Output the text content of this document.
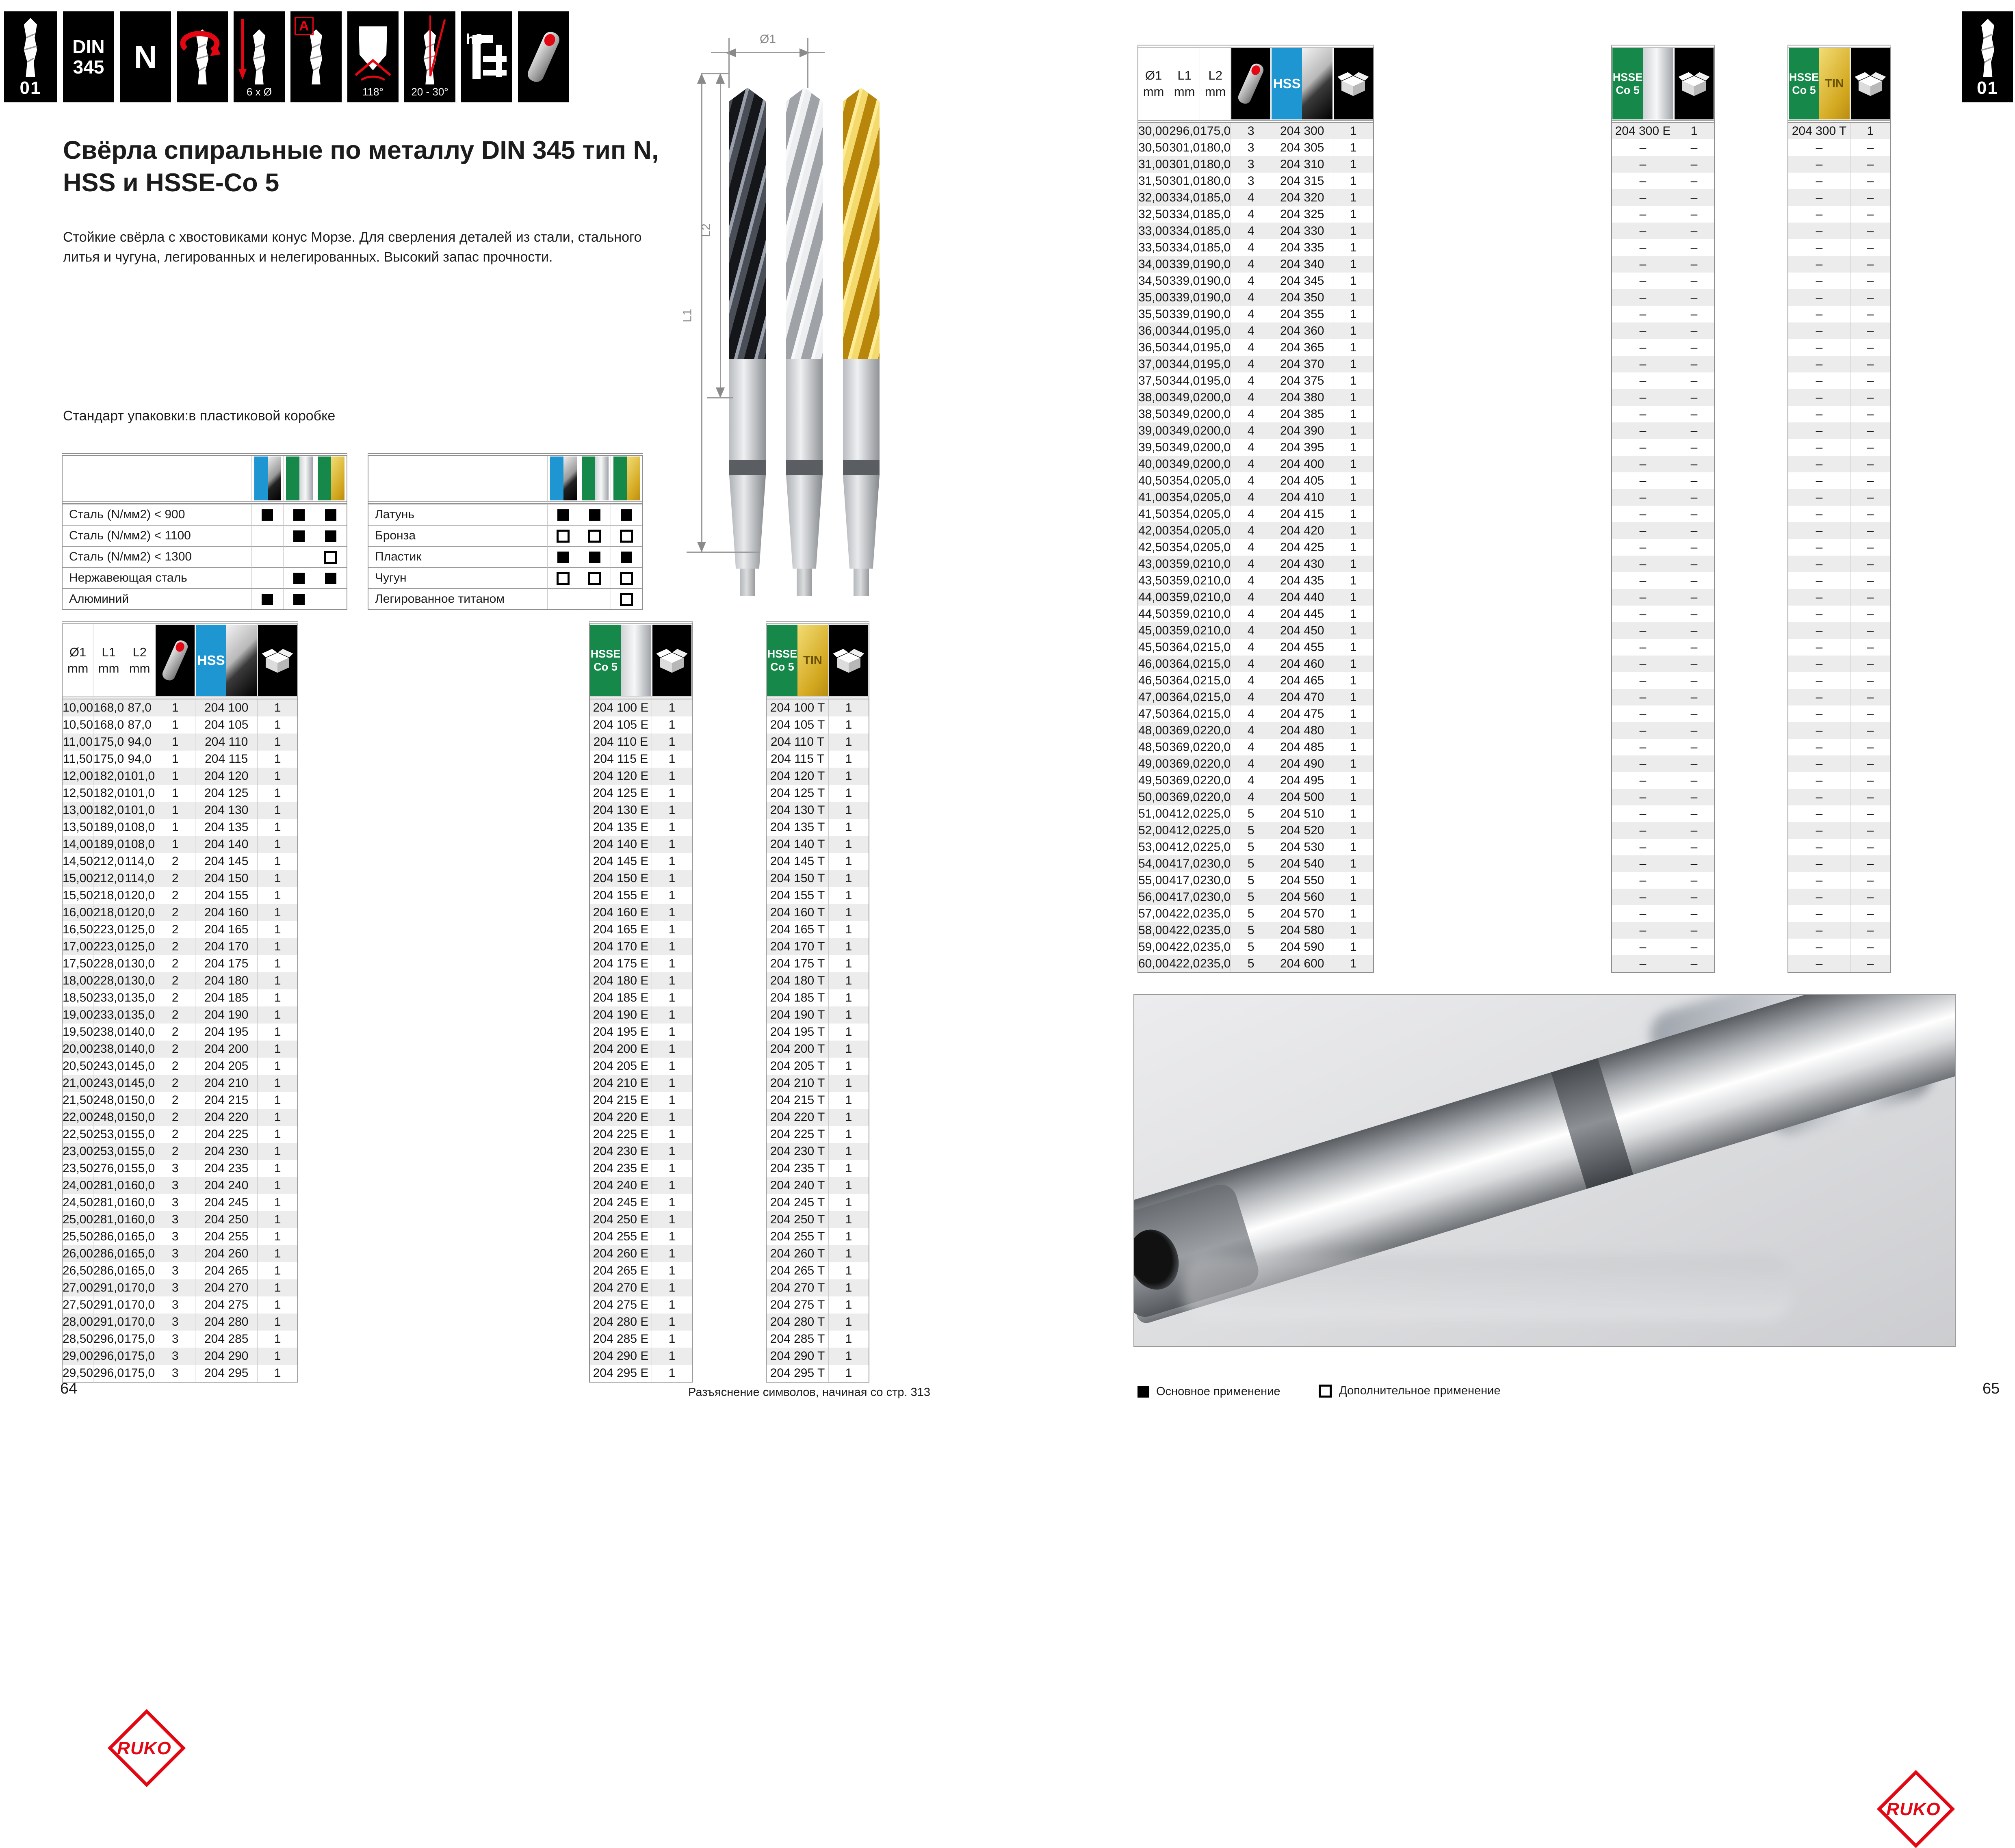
01
DIN
345 N
6 x Ø
A
118°	20 - 30°
h8
Свёрла спиральные по металлу DIN 345 тип N,
HSS и HSSE-Co 5
Стойкие свёрла с хвостовиками конус Морзе. Для сверления деталей из стали, стального литья и чугуна, легированных и нелегированных. Высокий запас прочности.
Стандарт упаковки:в пластиковой коробке

Сталь (N/мм2) < 900			
Сталь (N/мм2) < 1100			
Сталь (N/мм2) < 1300			
Нержавеющая сталь			
Алюминий			

Латунь			
Бронза			
Пластик			
Чугун			
Легированное титаном			
Ø1
L1
L2
Ø1
mm

L1
mm

L2
mm

HSS

10,00	168,0	87,0	1	204 100	1
10,50	168,0	87,0	1	204 105	1
11,00	175,0	94,0	1	204 110	1
11,50	175,0	94,0	1	204 115	1
12,00	182,0	101,0	1	204 120	1
12,50	182,0	101,0	1	204 125	1
13,00	182,0	101,0	1	204 130	1
13,50	189,0	108,0	1	204 135	1
14,00	189,0	108,0	1	204 140	1
14,50	212,0	114,0	2	204 145	1
15,00	212,0	114,0	2	204 150	1
15,50	218,0	120,0	2	204 155	1
16,00	218,0	120,0	2	204 160	1
16,50	223,0	125,0	2	204 165	1
17,00	223,0	125,0	2	204 170	1
17,50	228,0	130,0	2	204 175	1
18,00	228,0	130,0	2	204 180	1
18,50	233,0	135,0	2	204 185	1
19,00	233,0	135,0	2	204 190	1
19,50	238,0	140,0	2	204 195	1
20,00	238,0	140,0	2	204 200	1
20,50	243,0	145,0	2	204 205	1
21,00	243,0	145,0	2	204 210	1
21,50	248,0	150,0	2	204 215	1
22,00	248,0	150,0	2	204 220	1
22,50	253,0	155,0	2	204 225	1
23,00	253,0	155,0	2	204 230	1
23,50	276,0	155,0	3	204 235	1
24,00	281,0	160,0	3	204 240	1
24,50	281,0	160,0	3	204 245	1
25,00	281,0	160,0	3	204 250	1
25,50	286,0	165,0	3	204 255	1
26,00	286,0	165,0	3	204 260	1
26,50	286,0	165,0	3	204 265	1
27,00	291,0	170,0	3	204 270	1
27,50	291,0	170,0	3	204 275	1
28,00	291,0	170,0	3	204 280	1
28,50	296,0	175,0	3	204 285	1
29,00	296,0	175,0	3	204 290	1
29,50	296,0	175,0	3	204 295	1
HSSE
Co 5

204 100 E	1
204 105 E	1
204 110 E	1
204 115 E	1
204 120 E	1
204 125 E	1
204 130 E	1
204 135 E	1
204 140 E	1
204 145 E	1
204 150 E	1
204 155 E	1
204 160 E	1
204 165 E	1
204 170 E	1
204 175 E	1
204 180 E	1
204 185 E	1
204 190 E	1
204 195 E	1
204 200 E	1
204 205 E	1
204 210 E	1
204 215 E	1
204 220 E	1
204 225 E	1
204 230 E	1
204 235 E	1
204 240 E	1
204 245 E	1
204 250 E	1
204 255 E	1
204 260 E	1
204 265 E	1
204 270 E	1
204 275 E	1
204 280 E	1
204 285 E	1
204 290 E	1
204 295 E	1
HSSE
Co 5
TIN

204 100 T	1
204 105 T	1
204 110 T	1
204 115 T	1
204 120 T	1
204 125 T	1
204 130 T	1
204 135 T	1
204 140 T	1
204 145 T	1
204 150 T	1
204 155 T	1
204 160 T	1
204 165 T	1
204 170 T	1
204 175 T	1
204 180 T	1
204 185 T	1
204 190 T	1
204 195 T	1
204 200 T	1
204 205 T	1
204 210 T	1
204 215 T	1
204 220 T	1
204 225 T	1
204 230 T	1
204 235 T	1
204 240 T	1
204 245 T	1
204 250 T	1
204 255 T	1
204 260 T	1
204 265 T	1
204 270 T	1
204 275 T	1
204 280 T	1
204 285 T	1
204 290 T	1
204 295 T	1
Ø1
mm

L1
mm

L2
mm

HSS

30,00	296,0	175,0	3	204 300	1
30,50	301,0	180,0	3	204 305	1
31,00	301,0	180,0	3	204 310	1
31,50	301,0	180,0	3	204 315	1
32,00	334,0	185,0	4	204 320	1
32,50	334,0	185,0	4	204 325	1
33,00	334,0	185,0	4	204 330	1
33,50	334,0	185,0	4	204 335	1
34,00	339,0	190,0	4	204 340	1
34,50	339,0	190,0	4	204 345	1
35,00	339,0	190,0	4	204 350	1
35,50	339,0	190,0	4	204 355	1
36,00	344,0	195,0	4	204 360	1
36,50	344,0	195,0	4	204 365	1
37,00	344,0	195,0	4	204 370	1
37,50	344,0	195,0	4	204 375	1
38,00	349,0	200,0	4	204 380	1
38,50	349,0	200,0	4	204 385	1
39,00	349,0	200,0	4	204 390	1
39,50	349,0	200,0	4	204 395	1
40,00	349,0	200,0	4	204 400	1
40,50	354,0	205,0	4	204 405	1
41,00	354,0	205,0	4	204 410	1
41,50	354,0	205,0	4	204 415	1
42,00	354,0	205,0	4	204 420	1
42,50	354,0	205,0	4	204 425	1
43,00	359,0	210,0	4	204 430	1
43,50	359,0	210,0	4	204 435	1
44,00	359,0	210,0	4	204 440	1
44,50	359,0	210,0	4	204 445	1
45,00	359,0	210,0	4	204 450	1
45,50	364,0	215,0	4	204 455	1
46,00	364,0	215,0	4	204 460	1
46,50	364,0	215,0	4	204 465	1
47,00	364,0	215,0	4	204 470	1
47,50	364,0	215,0	4	204 475	1
48,00	369,0	220,0	4	204 480	1
48,50	369,0	220,0	4	204 485	1
49,00	369,0	220,0	4	204 490	1
49,50	369,0	220,0	4	204 495	1
50,00	369,0	220,0	4	204 500	1
51,00	412,0	225,0	5	204 510	1
52,00	412,0	225,0	5	204 520	1
53,00	412,0	225,0	5	204 530	1
54,00	417,0	230,0	5	204 540	1
55,00	417,0	230,0	5	204 550	1
56,00	417,0	230,0	5	204 560	1
57,00	422,0	235,0	5	204 570	1
58,00	422,0	235,0	5	204 580	1
59,00	422,0	235,0	5	204 590	1
60,00	422,0	235,0	5	204 600	1
HSSE
Co 5

204 300 E	1
–	–
–	–
–	–
–	–
–	–
–	–
–	–
–	–
–	–
–	–
–	–
–	–
–	–
–	–
–	–
–	–
–	–
–	–
–	–
–	–
–	–
–	–
–	–
–	–
–	–
–	–
–	–
–	–
–	–
–	–
–	–
–	–
–	–
–	–
–	–
–	–
–	–
–	–
–	–
–	–
–	–
–	–
–	–
–	–
–	–
–	–
–	–
–	–
–	–
–	–
HSSE
Co 5
TIN

204 300 T	1
–	–
–	–
–	–
–	–
–	–
–	–
–	–
–	–
–	–
–	–
–	–
–	–
–	–
–	–
–	–
–	–
–	–
–	–
–	–
–	–
–	–
–	–
–	–
–	–
–	–
–	–
–	–
–	–
–	–
–	–
–	–
–	–
–	–
–	–
–	–
–	–
–	–
–	–
–	–
–	–
–	–
–	–
–	–
–	–
–	–
–	–
–	–
–	–
–	–
–	–
01
64
RUKO
Разъяснение символов, начиная со стр. 313	Основное применение
	Дополнительное применение
RUKO
65
